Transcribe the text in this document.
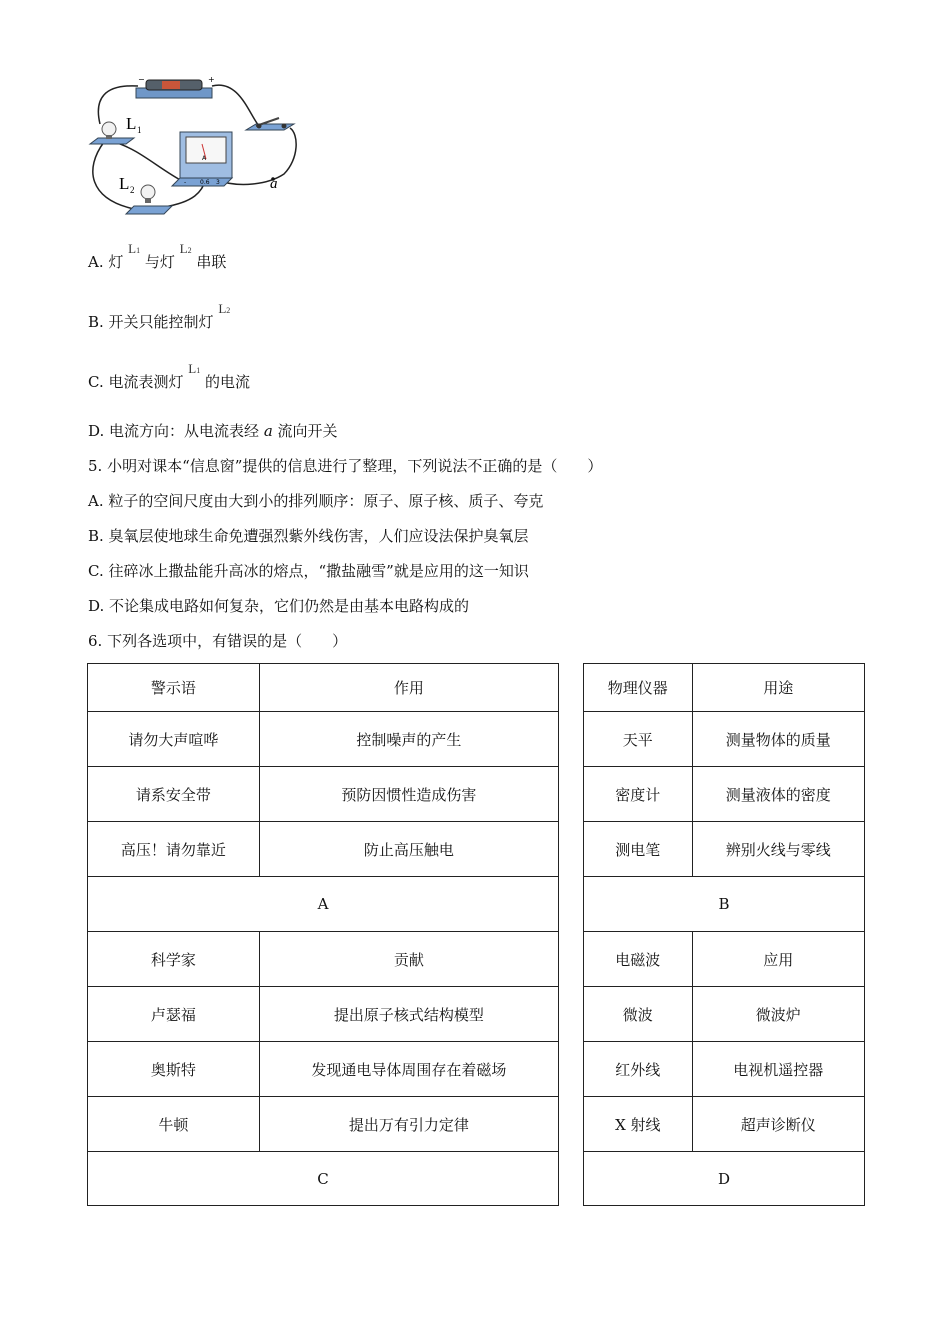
−	+
L 1
A
- 0.6 3
L 2	a
A. 灯 L1 与灯 L2 串联
B. 开关只能控制灯 L2
C. 电流表测灯 L1 的电流
D. 电流方向：从电流表经 a 流向开关
5. 小明对课本“信息窗”提供的信息进行了整理，下列说法不正确的是（　　）
A. 粒子的空间尺度由大到小的排列顺序：原子、原子核、质子、夸克
B. 臭氧层使地球生命免遭强烈紫外线伤害，人们应设法保护臭氧层
C. 往碎冰上撒盐能升高冰的熔点，“撒盐融雪”就是应用的这一知识
D. 不论集成电路如何复杂，它们仍然是由基本电路构成的
6. 下列各选项中，有错误的是（　　）
警示语	作用
请勿大声喧哗	控制噪声的产生
请系安全带	预防因惯性造成伤害
高压！请勿靠近	防止高压触电
A	
科学家	贡献
卢瑟福	提出原子核式结构模型
奥斯特	发现通电导体周围存在着磁场
牛顿	提出万有引力定律
C	
物理仪器	用途
天平	测量物体的质量
密度计	测量液体的密度
测电笔	辨别火线与零线
B	
电磁波	应用
微波	微波炉
红外线	电视机遥控器
X 射线	超声诊断仪
D	
